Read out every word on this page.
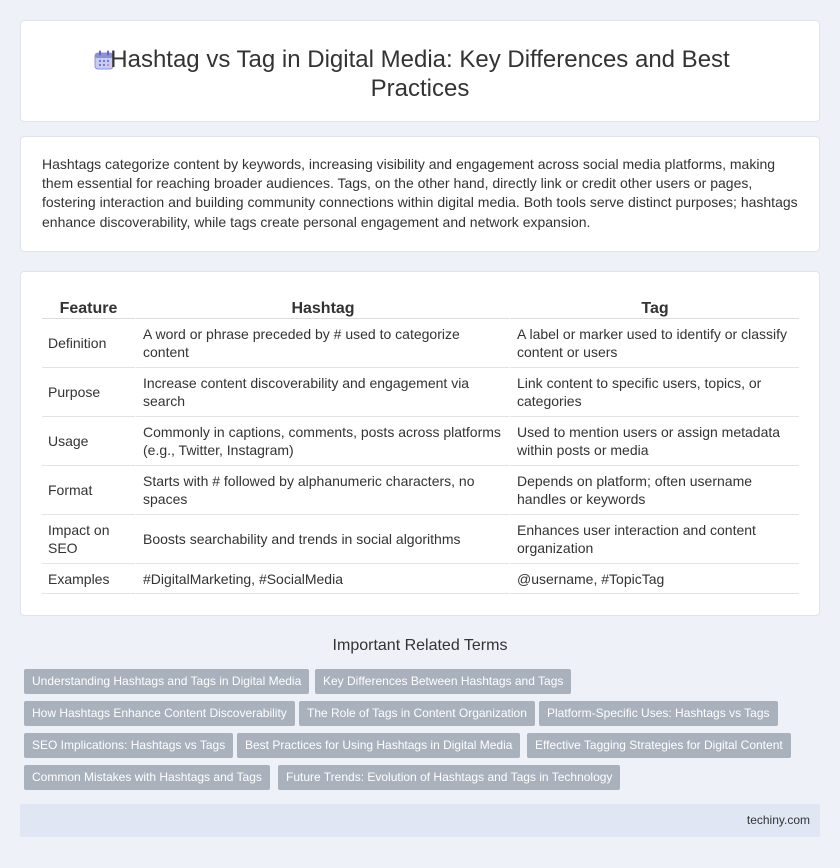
Hashtag vs Tag in Digital Media: Key Differences and Best Practices

Hashtags categorize content by keywords, increasing visibility and engagement across social media platforms, making them essential for reaching broader audiences. Tags, on the other hand, directly link or credit other users or pages, fostering interaction and building community connections within digital media. Both tools serve distinct purposes; hashtags enhance discoverability, while tags create personal engagement and network expansion.

Feature	Hashtag	Tag
Definition	A word or phrase preceded by # used to categorize content	A label or marker used to identify or classify content or users
Purpose	Increase content discoverability and engagement via search	Link content to specific users, topics, or categories
Usage	Commonly in captions, comments, posts across platforms (e.g., Twitter, Instagram)	Used to mention users or assign metadata within posts or media
Format	Starts with # followed by alphanumeric characters, no spaces	Depends on platform; often username handles or keywords
Impact on SEO	Boosts searchability and trends in social algorithms	Enhances user interaction and content organization
Examples	#DigitalMarketing, #SocialMedia	@username, #TopicTag
Important Related Terms
Understanding Hashtags and Tags in Digital Media	Key Differences Between Hashtags and Tags
How Hashtags Enhance Content Discoverability	The Role of Tags in Content Organization	Platform-Specific Uses: Hashtags vs Tags
SEO Implications: Hashtags vs Tags	Best Practices for Using Hashtags in Digital Media	Effective Tagging Strategies for Digital Content
Common Mistakes with Hashtags and Tags	Future Trends: Evolution of Hashtags and Tags in Technology
techiny.com
